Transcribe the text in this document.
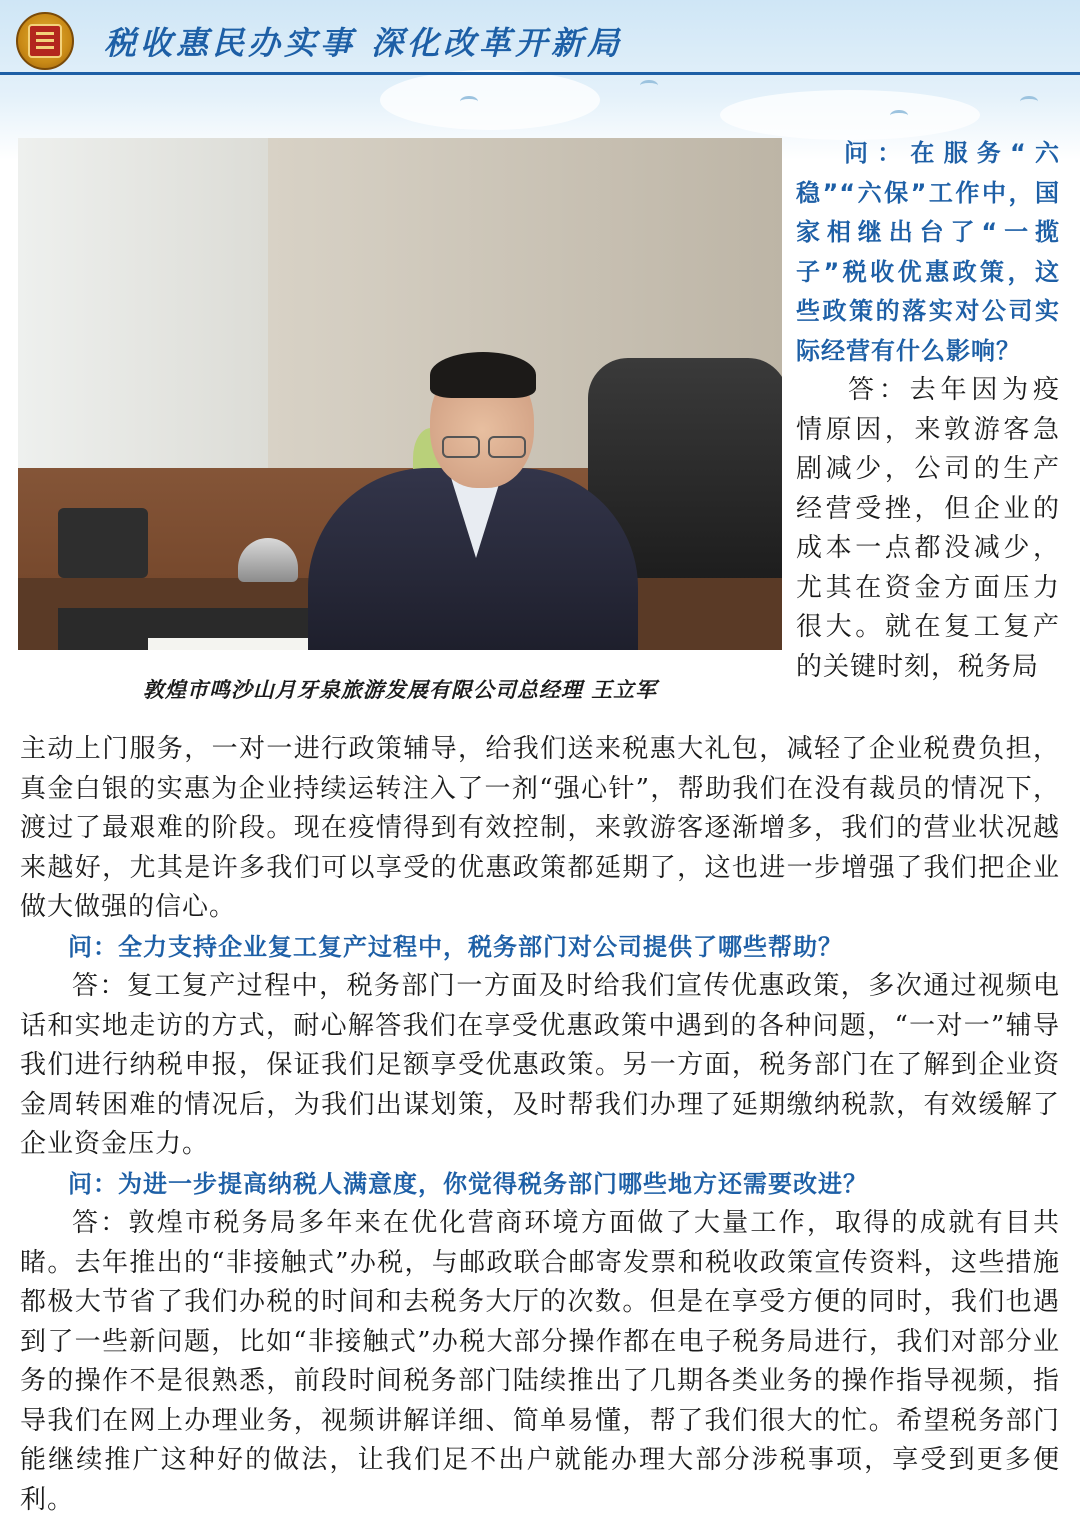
税收惠民办实事 深化改革开新局
敦煌市鸣沙山月牙泉旅游发展有限公司总经理 王立军

问：在服务“六稳”“六保”工作中，国家相继出台了“一揽子”税收优惠政策，这些政策的落实对公司实际经营有什么影响？

答：去年因为疫情原因，来敦游客急剧减少，公司的生产经营受挫，但企业的成本一点都没减少，尤其在资金方面压力很大。就在复工复产的关键时刻，税务局

主动上门服务，一对一进行政策辅导，给我们送来税惠大礼包，减轻了企业税费负担，真金白银的实惠为企业持续运转注入了一剂“强心针”，帮助我们在没有裁员的情况下，渡过了最艰难的阶段。现在疫情得到有效控制，来敦游客逐渐增多，我们的营业状况越来越好，尤其是许多我们可以享受的优惠政策都延期了，这也进一步增强了我们把企业做大做强的信心。

问：全力支持企业复工复产过程中，税务部门对公司提供了哪些帮助？

答：复工复产过程中，税务部门一方面及时给我们宣传优惠政策，多次通过视频电话和实地走访的方式，耐心解答我们在享受优惠政策中遇到的各种问题，“一对一”辅导我们进行纳税申报，保证我们足额享受优惠政策。另一方面，税务部门在了解到企业资金周转困难的情况后，为我们出谋划策，及时帮我们办理了延期缴纳税款，有效缓解了企业资金压力。

问：为进一步提高纳税人满意度，你觉得税务部门哪些地方还需要改进？

答：敦煌市税务局多年来在优化营商环境方面做了大量工作，取得的成就有目共睹。去年推出的“非接触式”办税，与邮政联合邮寄发票和税收政策宣传资料，这些措施都极大节省了我们办税的时间和去税务大厅的次数。但是在享受方便的同时，我们也遇到了一些新问题，比如“非接触式”办税大部分操作都在电子税务局进行，我们对部分业务的操作不是很熟悉，前段时间税务部门陆续推出了几期各类业务的操作指导视频，指导我们在网上办理业务，视频讲解详细、简单易懂，帮了我们很大的忙。希望税务部门能继续推广这种好的做法，让我们足不出户就能办理大部分涉税事项，享受到更多便利。
